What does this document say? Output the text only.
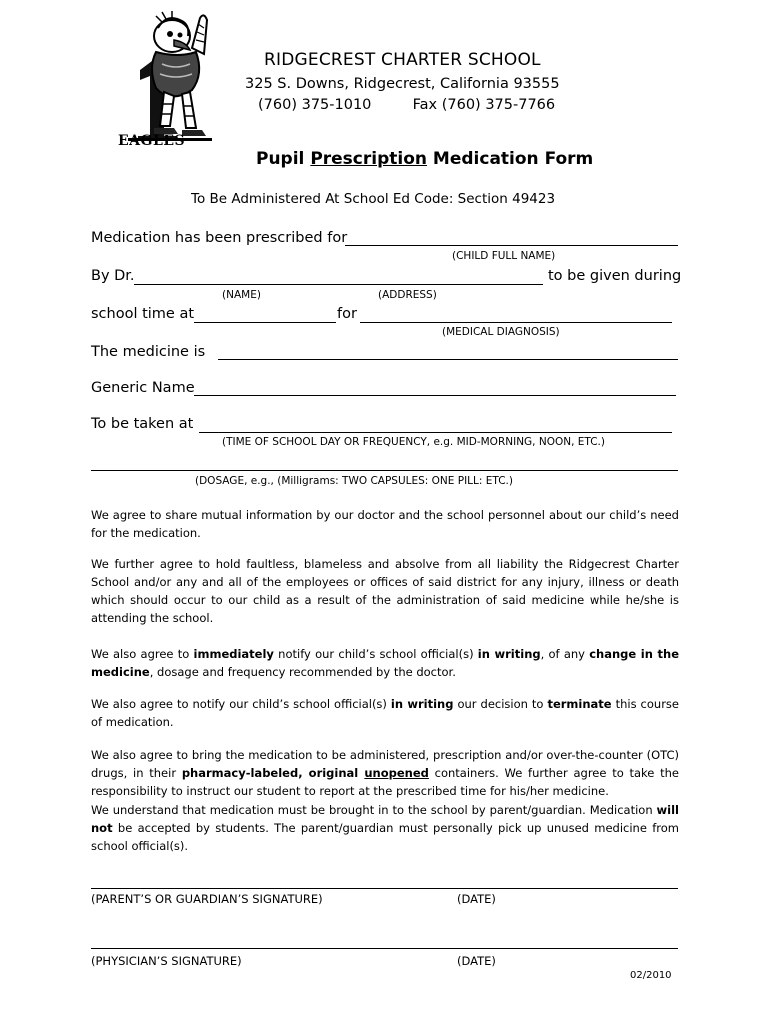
EAGLES
RIDGECREST CHARTER SCHOOL
325 S. Downs, Ridgecrest, California 93555
(760) 375-1010	Fax (760) 375-7766
Pupil Prescription Medication Form
To Be Administered At School Ed Code: Section 49423
Medication has been prescribed for
(CHILD FULL NAME)
By Dr.	to be given during
(NAME)	(ADDRESS)
school time at	for
(MEDICAL DIAGNOSIS)
The medicine is
Generic Name
To be taken at
(TIME OF SCHOOL DAY OR FREQUENCY, e.g. MID-MORNING, NOON, ETC.)
(DOSAGE, e.g., (Milligrams: TWO CAPSULES: ONE PILL: ETC.)
We agree to share mutual information by our doctor and the school personnel about our child’s need for the medication.
We further agree to hold faultless, blameless and absolve from all liability the Ridgecrest Charter School and/or any and all of the employees or offices of said district for any injury, illness or death which should occur to our child as a result of the administration of said medicine while he/she is attending the school.
We also agree to immediately notify our child’s school official(s) in writing, of any change in the medicine, dosage and frequency recommended by the doctor.
We also agree to notify our child’s school official(s) in writing our decision to terminate this course of medication.
We also agree to bring the medication to be administered, prescription and/or over-the-counter (OTC) drugs, in their pharmacy-labeled, original unopened containers. We further agree to take the responsibility to instruct our student to report at the prescribed time for his/her medicine.
We understand that medication must be brought in to the school by parent/guardian. Medication will not be accepted by students. The parent/guardian must personally pick up unused medicine from school official(s).
(PARENT’S OR GUARDIAN’S SIGNATURE)	(DATE)
(PHYSICIAN’S SIGNATURE)	(DATE)
02/2010
